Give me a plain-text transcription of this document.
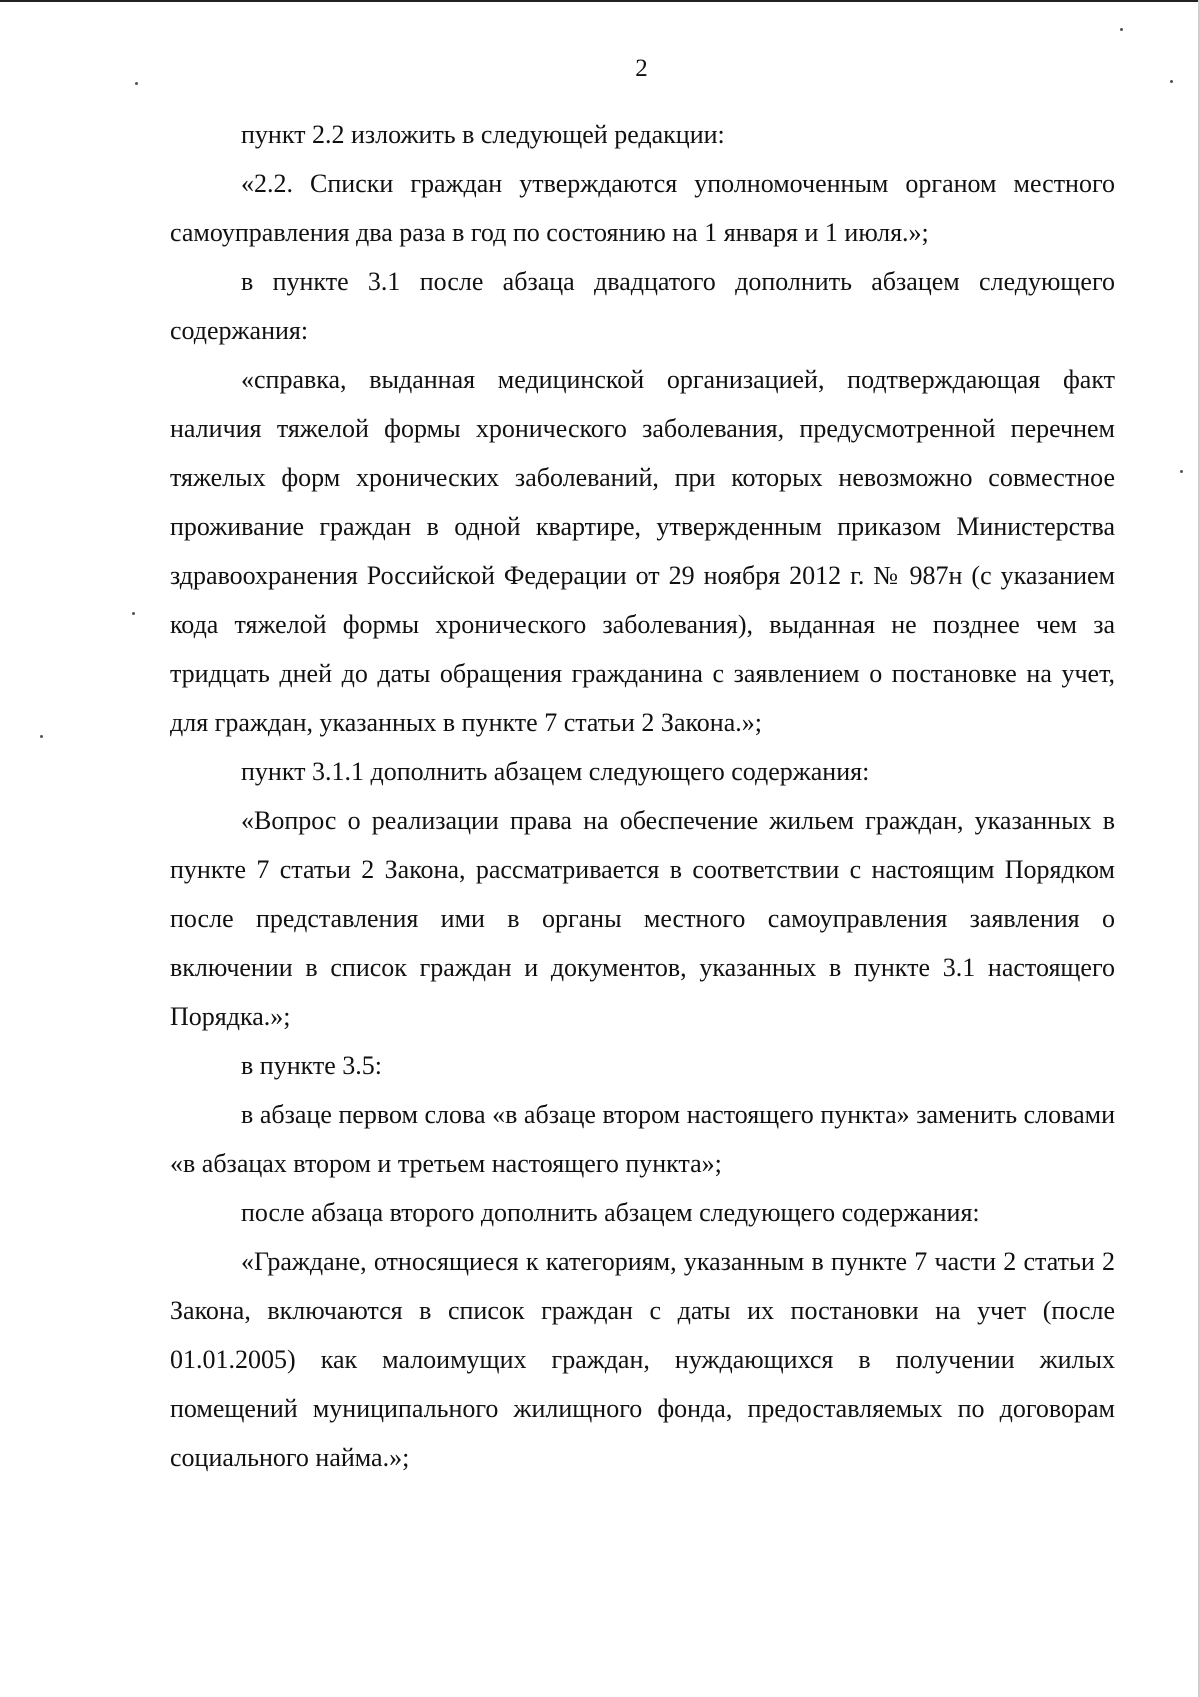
2

пункт 2.2 изложить в следующей редакции:

«2.2. Списки граждан утверждаются уполномоченным органом местного самоуправления два раза в год по состоянию на 1 января и 1 июля.»;

в пункте 3.1 после абзаца двадцатого дополнить абзацем следующего содержания:

«справка, выданная медицинской организацией, подтверждающая факт наличия тяжелой формы хронического заболевания, предусмотренной перечнем тяжелых форм хронических заболеваний, при которых невозможно совместное проживание граждан в одной квартире, утвержденным приказом Министерства здравоохранения Российской Федерации от 29 ноября 2012 г. № 987н (с указанием кода тяжелой формы хронического заболевания), выданная не позднее чем за тридцать дней до даты обращения гражданина с заявлением о постановке на учет, для граждан, указанных в пункте 7 статьи 2 Закона.»;

пункт 3.1.1 дополнить абзацем следующего содержания:

«Вопрос о реализации права на обеспечение жильем граждан, указанных в пункте 7 статьи 2 Закона, рассматривается в соответствии с настоящим Порядком после представления ими в органы местного самоуправления заявления о включении в список граждан и документов, указанных в пункте 3.1 настоящего Порядка.»;

в пункте 3.5:

в абзаце первом слова «в абзаце втором настоящего пункта» заменить словами «в абзацах втором и третьем настоящего пункта»;

после абзаца второго дополнить абзацем следующего содержания:

«Граждане, относящиеся к категориям, указанным в пункте 7 части 2 статьи 2 Закона, включаются в список граждан с даты их постановки на учет (после 01.01.2005) как малоимущих граждан, нуждающихся в получении жилых помещений муниципального жилищного фонда, предоставляемых по договорам социального найма.»;
